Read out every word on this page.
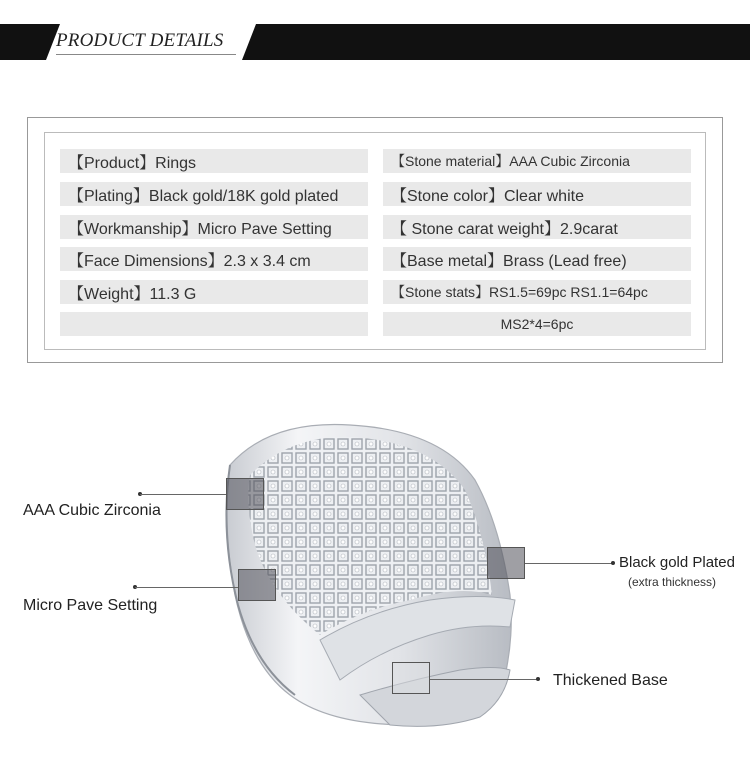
PRODUCT DETAILS
【Product】Rings
【Plating】Black gold/18K gold plated
【Workmanship】Micro Pave Setting
【Face Dimensions】2.3 x 3.4 cm
【Weight】11.3 G
【Stone material】AAA Cubic Zirconia
【Stone color】Clear white
【 Stone carat weight】2.9carat
【Base metal】Brass (Lead free)
【Stone stats】RS1.5=69pc RS1.1=64pc
MS2*4=6pc
AAA Cubic Zirconia
Micro Pave Setting
Black gold Plated
(extra thickness)
Thickened Base
